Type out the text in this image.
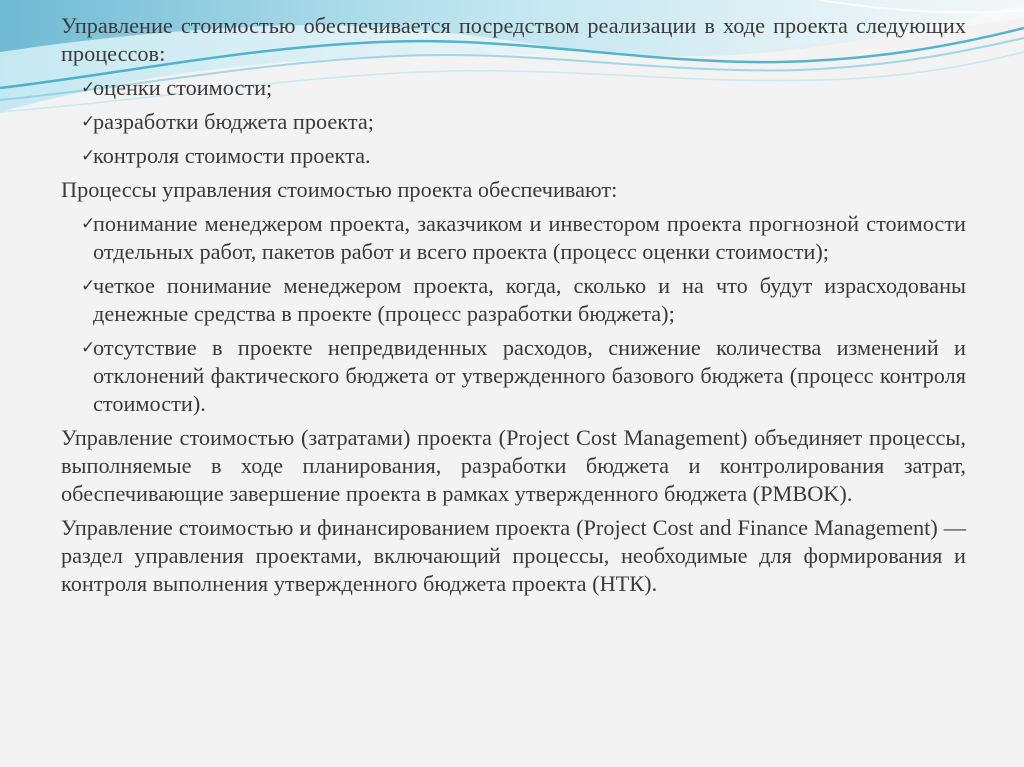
Управление стоимостью обеспечивается посредством реализации в ходе проекта следующих процессов:

✓
оценки стоимости;
✓
разработки бюджета проекта;
✓
контроля стоимости проекта.

Процессы управления стоимостью проекта обеспечивают:

✓
понимание менеджером проекта, заказчиком и инвестором проекта прогнозной стоимости отдельных работ, пакетов работ и всего проекта (процесс оценки стоимости);
✓
четкое понимание менеджером проекта, когда, сколько и на что будут израсходованы денежные средства в проекте (процесс разработки бюджета);
✓
отсутствие в проекте непредвиденных расходов, снижение количества изменений и отклонений фактического бюджета от утвержденного базового бюджета (процесс контроля стоимости).

Управление стоимостью (затратами) проекта (Project Cost Management) объединяет процессы, выполняемые в ходе планирования, разработки бюджета и контролирования затрат, обеспечивающие завершение проекта в рамках утвержденного бюджета (PMBOK).

Управление стоимостью и финансированием проекта (Project Cost and Finance Management) — раздел управления проектами, включающий процессы, необходимые для формирования и контроля выполнения утвержденного бюджета проекта (НТК).
